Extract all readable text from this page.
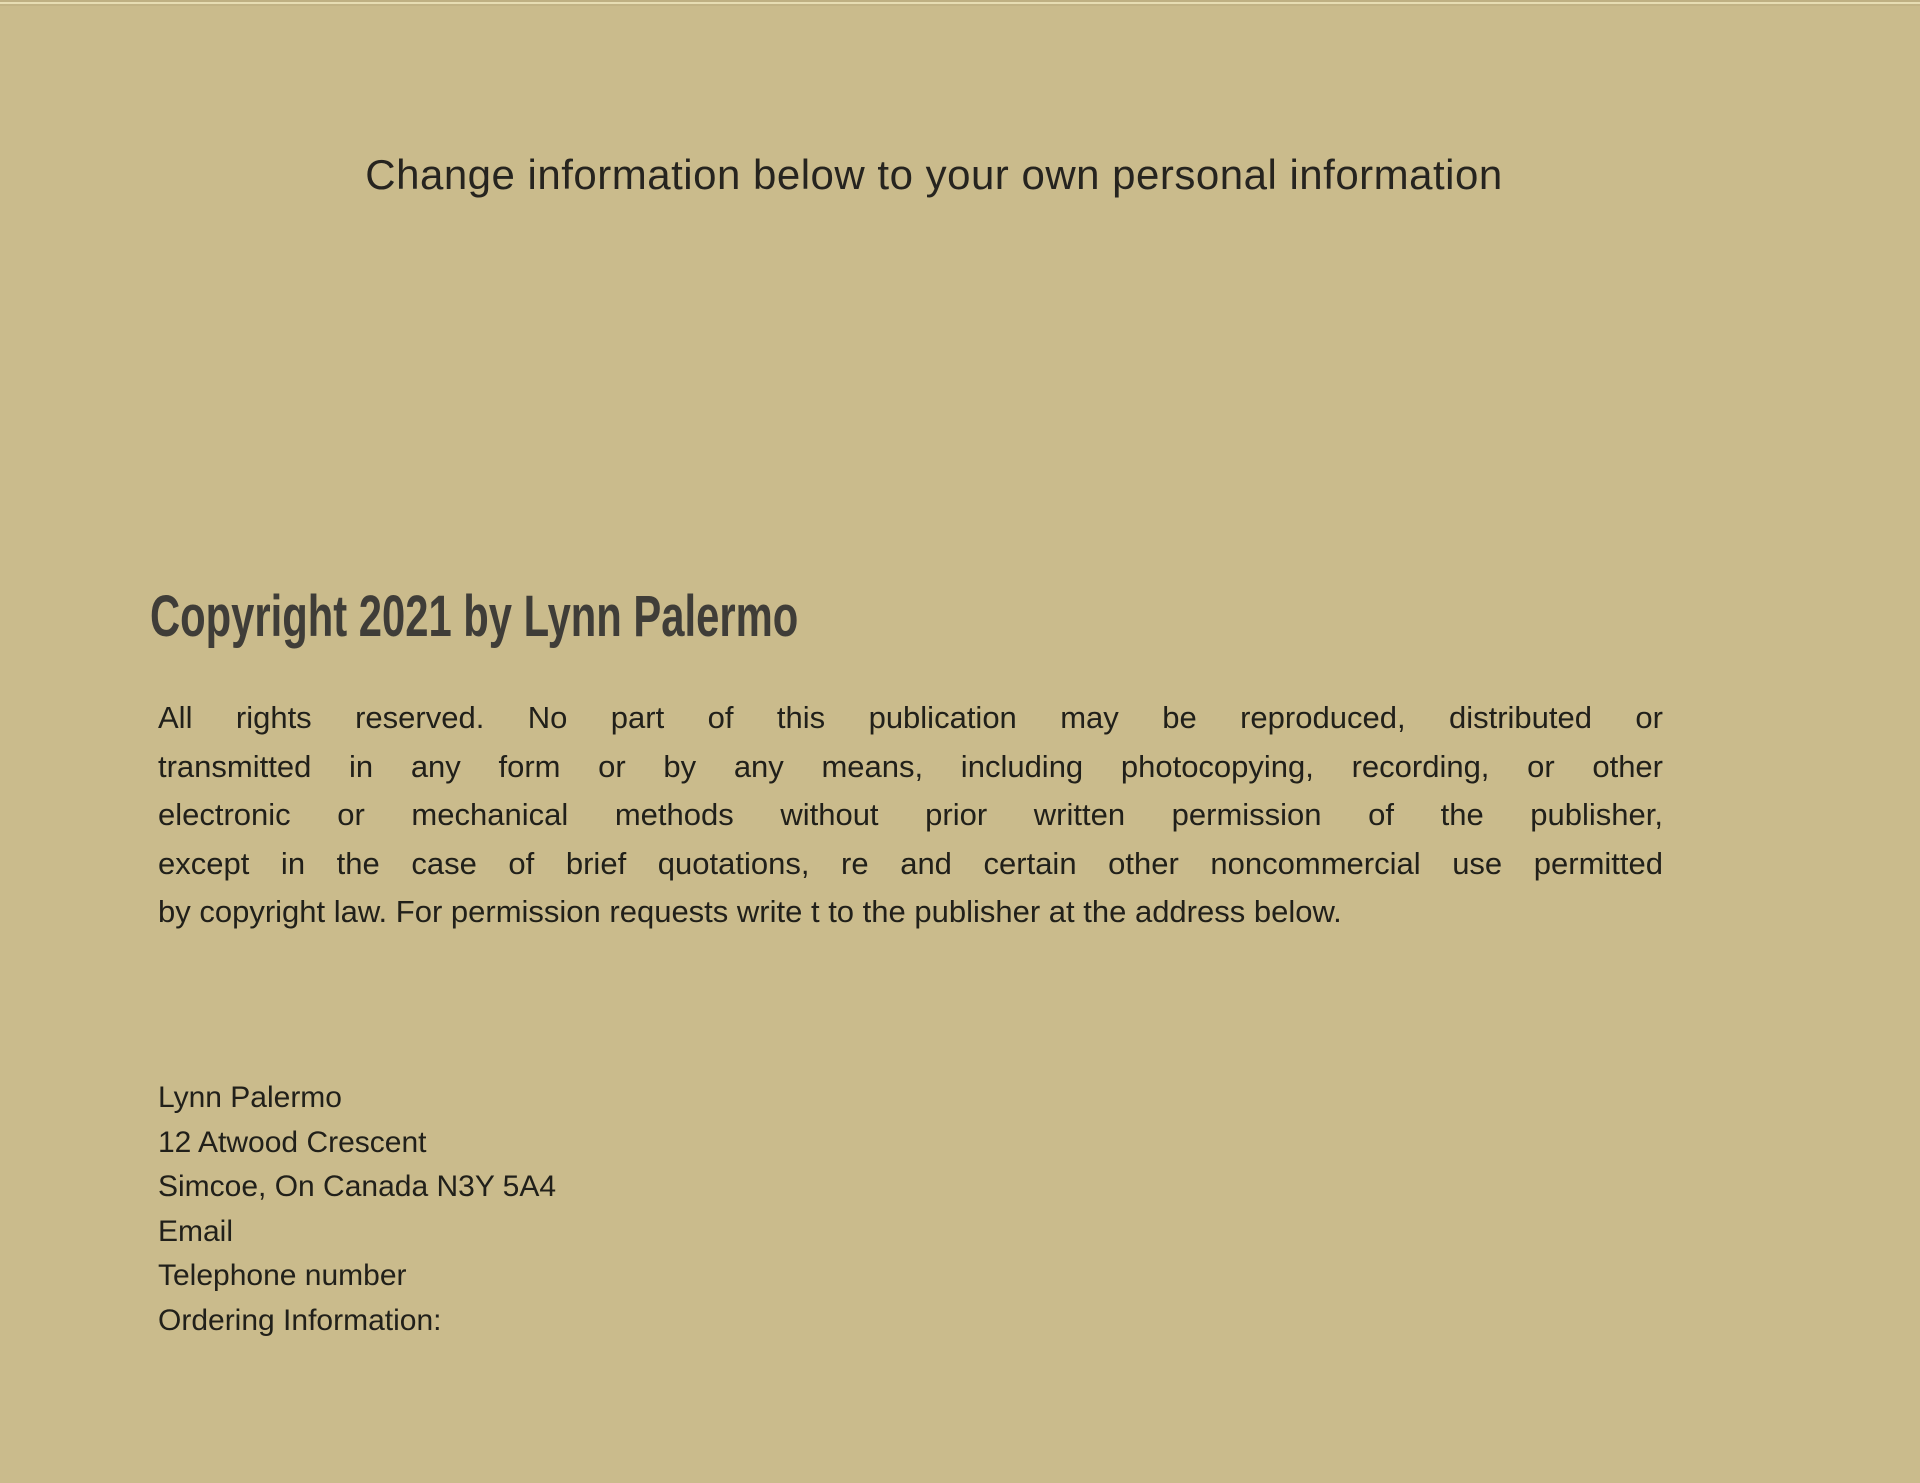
Change information below to your own personal information
Copyright 2021 by Lynn Palermo
All rights reserved. No part of this publication may be reproduced, distributed or
transmitted in any form or by any means, including photocopying, recording, or other
electronic or mechanical methods without prior written permission of the publisher,
except in the case of brief quotations, re and certain other noncommercial use permitted
by copyright law. For permission requests write t to the publisher at the address below.
Lynn Palermo
12 Atwood Crescent
Simcoe, On Canada N3Y 5A4
Email
Telephone number
Ordering Information:
